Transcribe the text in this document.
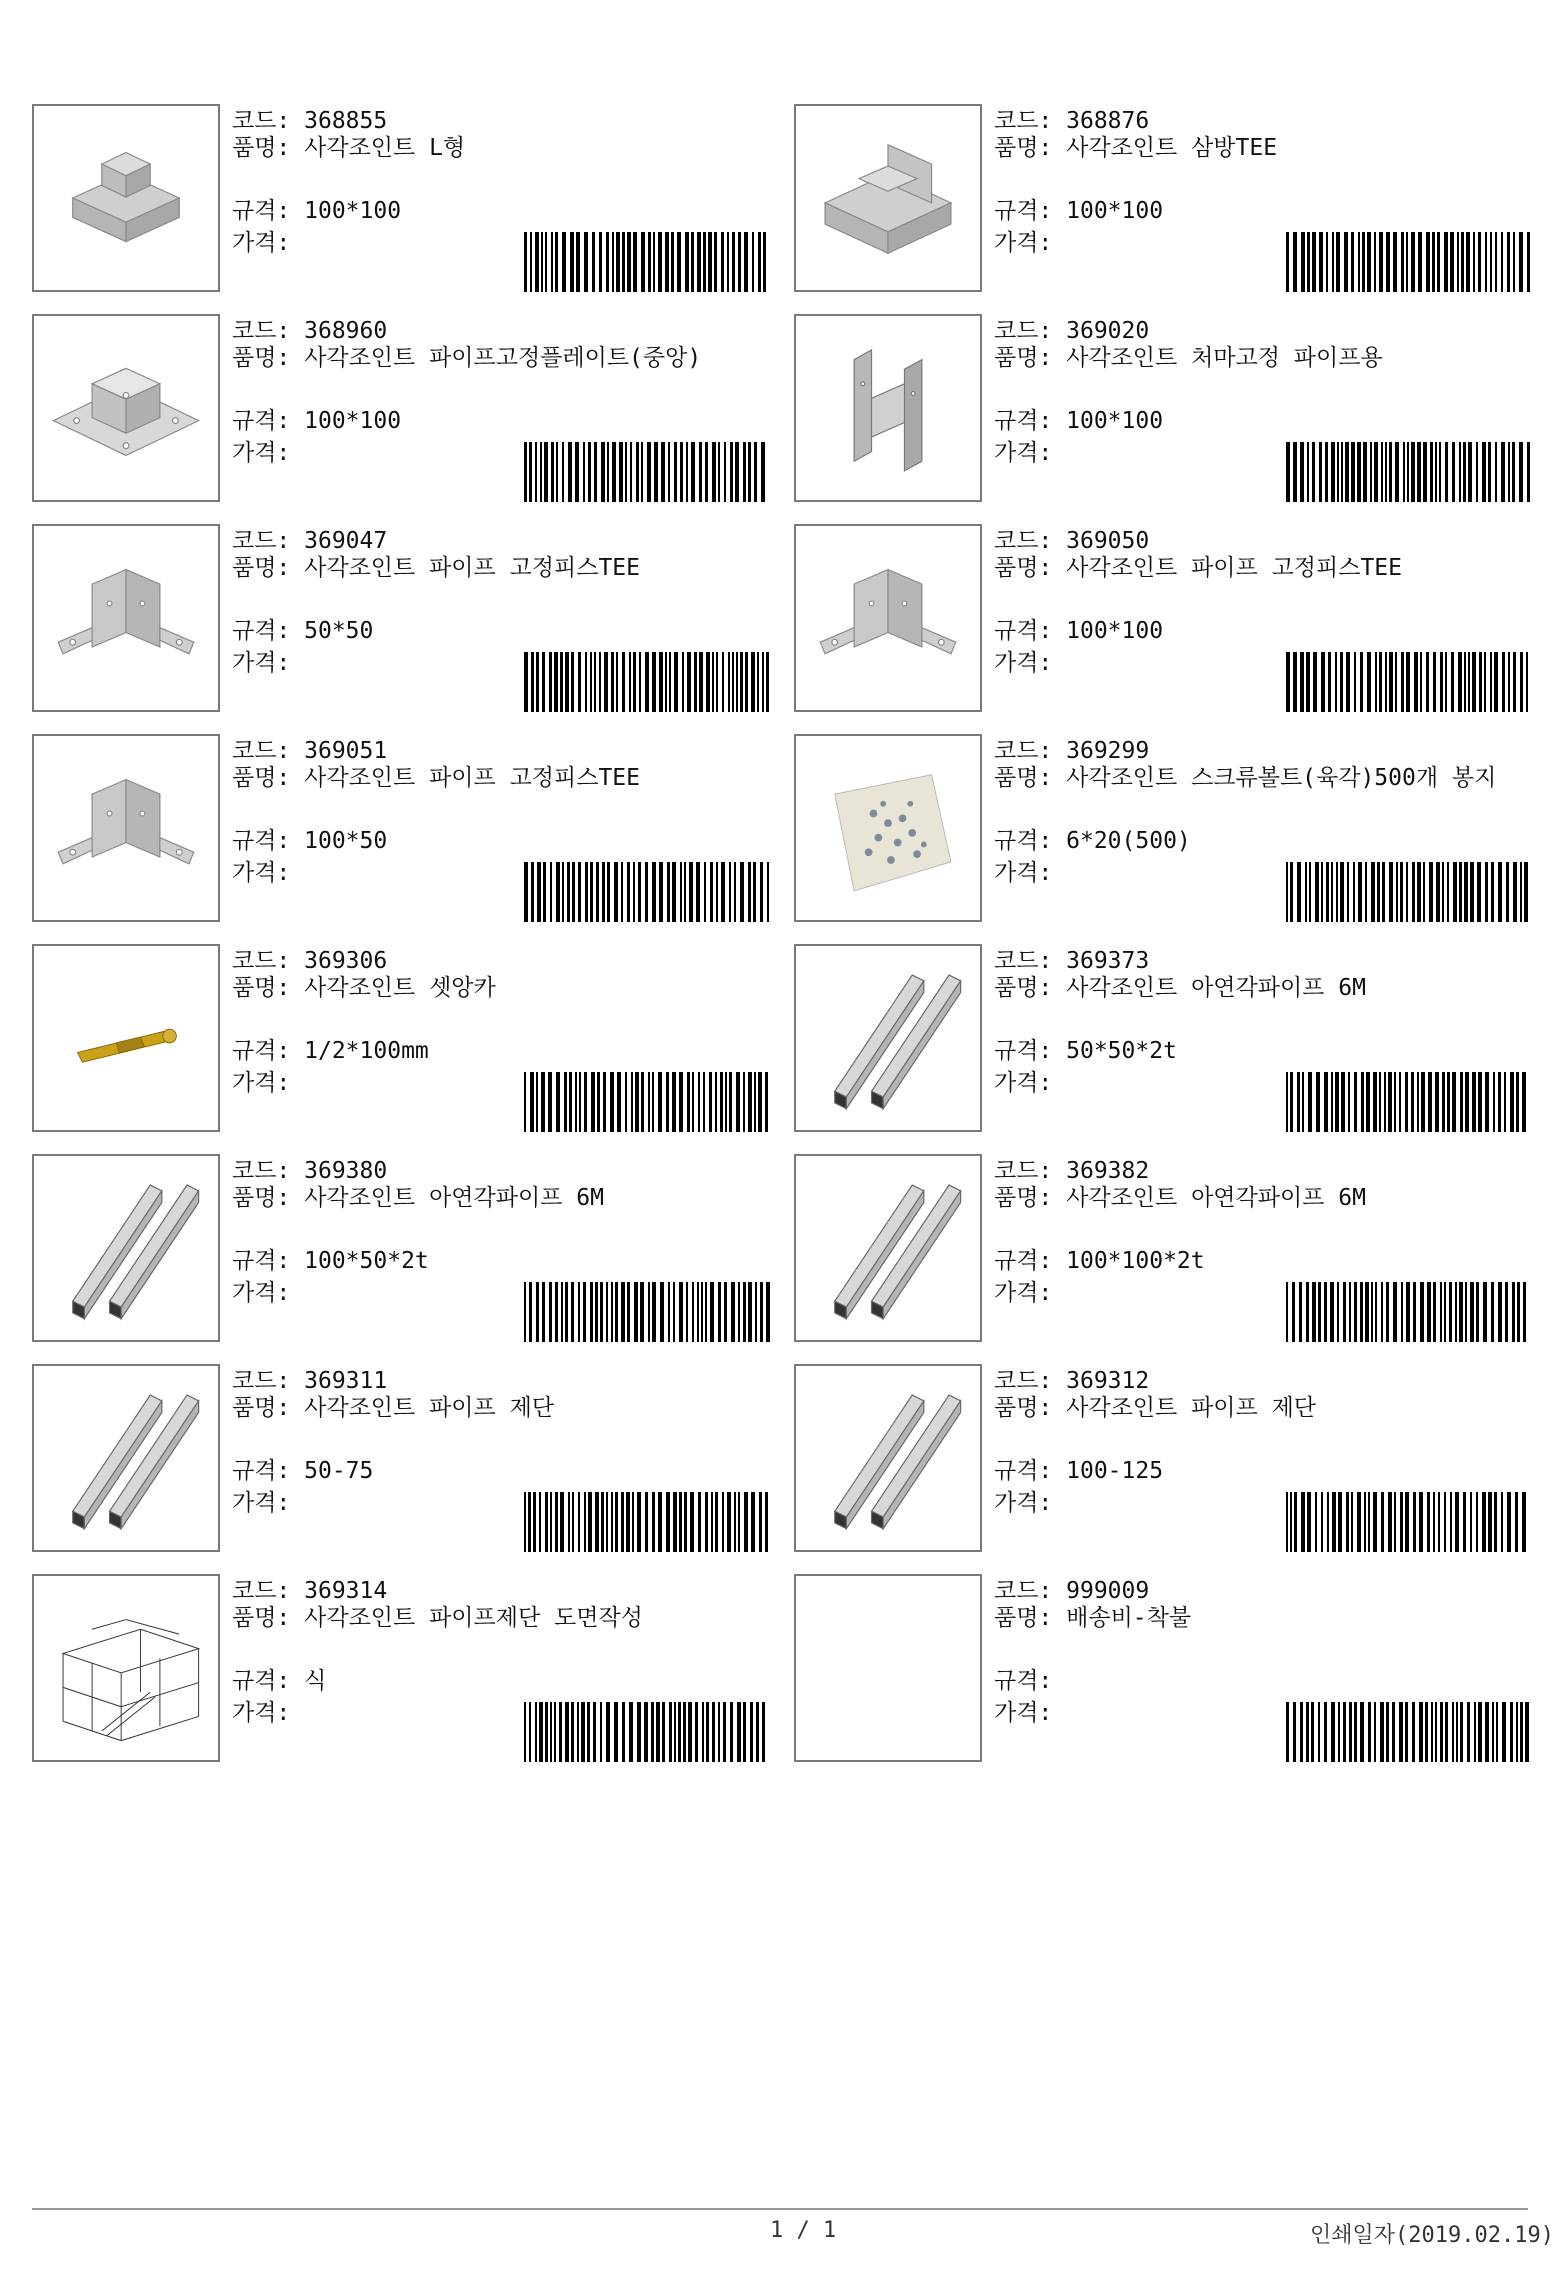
코드: 368855
품명: 사각조인트 L형
규격: 100*100
가격:
코드: 368876
품명: 사각조인트 삼방TEE
규격: 100*100
가격:
코드: 368960
품명: 사각조인트 파이프고정플레이트(중앙)
규격: 100*100
가격:
코드: 369020
품명: 사각조인트 처마고정 파이프용
규격: 100*100
가격:
코드: 369047
품명: 사각조인트 파이프 고정피스TEE
규격: 50*50
가격:
코드: 369050
품명: 사각조인트 파이프 고정피스TEE
규격: 100*100
가격:
코드: 369051
품명: 사각조인트 파이프 고정피스TEE
규격: 100*50
가격:
코드: 369299
품명: 사각조인트 스크류볼트(육각)500개 봉지
규격: 6*20(500)
가격:
코드: 369306
품명: 사각조인트 셋앙카
규격: 1/2*100mm
가격:
코드: 369373
품명: 사각조인트 아연각파이프 6M
규격: 50*50*2t
가격:
코드: 369380
품명: 사각조인트 아연각파이프 6M
규격: 100*50*2t
가격:
코드: 369382
품명: 사각조인트 아연각파이프 6M
규격: 100*100*2t
가격:
코드: 369311
품명: 사각조인트 파이프 제단
규격: 50-75
가격:
코드: 369312
품명: 사각조인트 파이프 제단
규격: 100-125
가격:
코드: 369314
품명: 사각조인트 파이프제단 도면작성
규격: 식
가격:
코드: 999009
품명: 배송비-착불
규격:
가격:
1 / 1	인쇄일자(2019.02.19)
